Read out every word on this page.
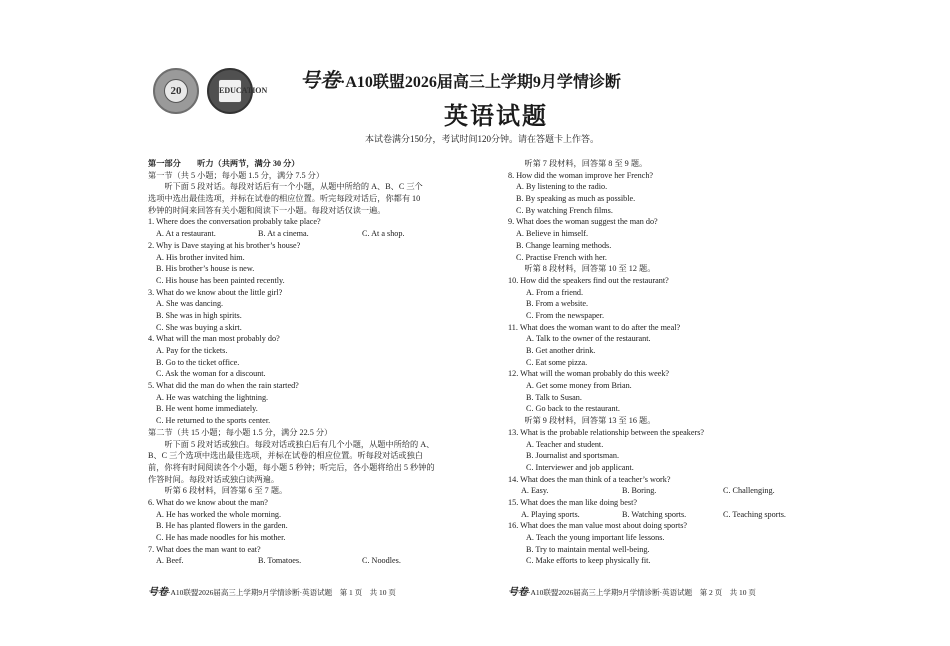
20	EDUCATION 号卷·A10联盟2026届高三上学期9月学情诊断
英语试题
本试卷满分150分，考试时间120分钟。请在答题卡上作答。
第一部分　　听力（共两节，满分 30 分）
第一节（共 5 小题；每小题 1.5 分，满分 7.5 分）
　　听下面 5 段对话。每段对话后有一个小题，从题中所给的 A、B、C 三个
选项中选出最佳选项，并标在试卷的相应位置。听完每段对话后，你都有 10
秒钟的时间来回答有关小题和阅读下一小题。每段对话仅读一遍。
1. Where does the conversation probably take place?
A. At a restaurant.	B. At a cinema.	C. At a shop.
2. Why is Dave staying at his brother’s house?
A. His brother invited him.
B. His brother’s house is new.
C. His house has been painted recently.
3. What do we know about the little girl?
A. She was dancing.
B. She was in high spirits.
C. She was buying a skirt.
4. What will the man most probably do?
A. Pay for the tickets.
B. Go to the ticket office.
C. Ask the woman for a discount.
5. What did the man do when the rain started?
A. He was watching the lightning.
B. He went home immediately.
C. He returned to the sports center.
第二节（共 15 小题；每小题 1.5 分，满分 22.5 分）
　　听下面 5 段对话或独白。每段对话或独白后有几个小题，从题中所给的 A、
B、C 三个选项中选出最佳选项，并标在试卷的相应位置。听每段对话或独白
前，你将有时间阅读各个小题，每小题 5 秒钟；听完后，各小题将给出 5 秒钟的
作答时间。每段对话或独白读两遍。
　　听第 6 段材料，回答第 6 至 7 题。
6. What do we know about the man?
A. He has worked the whole morning.
B. He has planted flowers in the garden.
C. He has made noodles for his mother.
7. What does the man want to eat?
A. Beef.	B. Tomatoes.	C. Noodles.
　　听第 7 段材料，回答第 8 至 9 题。
8. How did the woman improve her French?
A. By listening to the radio.
B. By speaking as much as possible.
C. By watching French films.
9. What does the woman suggest the man do?
A. Believe in himself.
B. Change learning methods.
C. Practise French with her.
　　听第 8 段材料，回答第 10 至 12 题。
10. How did the speakers find out the restaurant?
A. From a friend.
B. From a website.
C. From the newspaper.
11. What does the woman want to do after the meal?
A. Talk to the owner of the restaurant.
B. Get another drink.
C. Eat some pizza.
12. What will the woman probably do this week?
A. Get some money from Brian.
B. Talk to Susan.
C. Go back to the restaurant.
　　听第 9 段材料，回答第 13 至 16 题。
13. What is the probable relationship between the speakers?
A. Teacher and student.
B. Journalist and sportsman.
C. Interviewer and job applicant.
14. What does the man think of a teacher’s work?
A. Easy.	B. Boring.	C. Challenging.
15. What does the man like doing best?
A. Playing sports.	B. Watching sports.	C. Teaching sports.
16. What does the man value most about doing sports?
A. Teach the young important life lessons.
B. Try to maintain mental well-being.
C. Make efforts to keep physically fit.
号卷·A10联盟2026届高三上学期9月学情诊断·英语试题　第 1 页　共 10 页	号卷·A10联盟2026届高三上学期9月学情诊断·英语试题　第 2 页　共 10 页
